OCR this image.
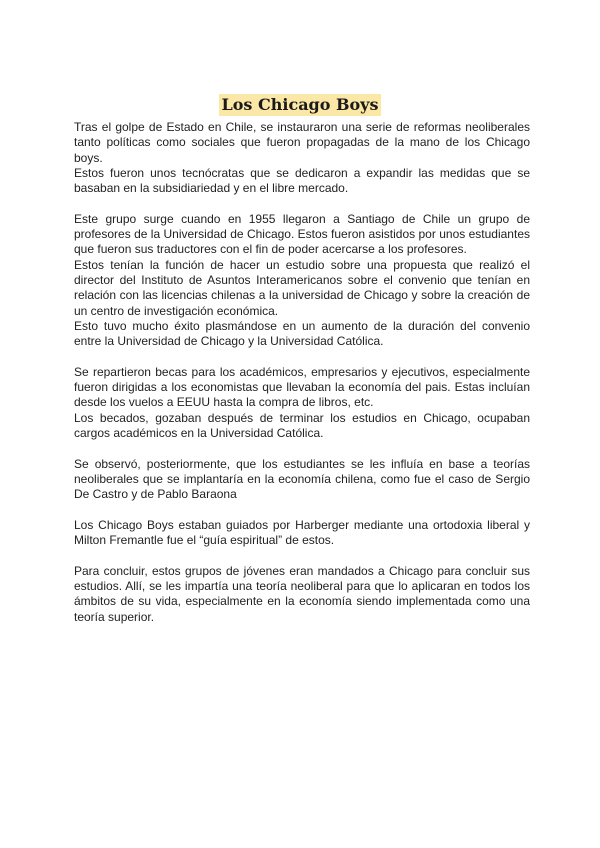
Los Chicago Boys

Tras el golpe de Estado en Chile, se instauraron una serie de reformas neoliberales tanto políticas como sociales que fueron propagadas de la mano de los Chicago boys.

Estos fueron unos tecnócratas que se dedicaron a expandir las medidas que se basaban en la subsidiariedad y en el libre mercado.

Este grupo surge cuando en 1955 llegaron a Santiago de Chile un grupo de profesores de la Universidad de Chicago. Estos fueron asistidos por unos estudiantes que fueron sus traductores con el fin de poder acercarse a los profesores.

Estos tenían la función de hacer un estudio sobre una propuesta que realizó el director del Instituto de Asuntos Interamericanos sobre el convenio que tenían en relación con las licencias chilenas a la universidad de Chicago y sobre la creación de un centro de investigación económica.

Esto tuvo mucho éxito plasmándose en un aumento de la duración del convenio entre la Universidad de Chicago y la Universidad Católica.

Se repartieron becas para los académicos, empresarios y ejecutivos, especialmente fueron dirigidas a los economistas que llevaban la economía del pais. Estas incluían desde los vuelos a EEUU hasta la compra de libros, etc.

Los becados, gozaban después de terminar los estudios en Chicago, ocupaban cargos académicos en la Universidad Católica.

Se observó, posteriormente, que los estudiantes se les influía en base a teorías neoliberales que se implantaría en la economía chilena, como fue el caso de Sergio De Castro y de Pablo Baraona

Los Chicago Boys estaban guiados por Harberger mediante una ortodoxia liberal y Milton Fremantle fue el “guía espiritual” de estos.

Para concluir, estos grupos de jóvenes eran mandados a Chicago para concluir sus estudios. Allí, se les impartía una teoría neoliberal para que lo aplicaran en todos los ámbitos de su vida, especialmente en la economía siendo implementada como una teoría superior.
